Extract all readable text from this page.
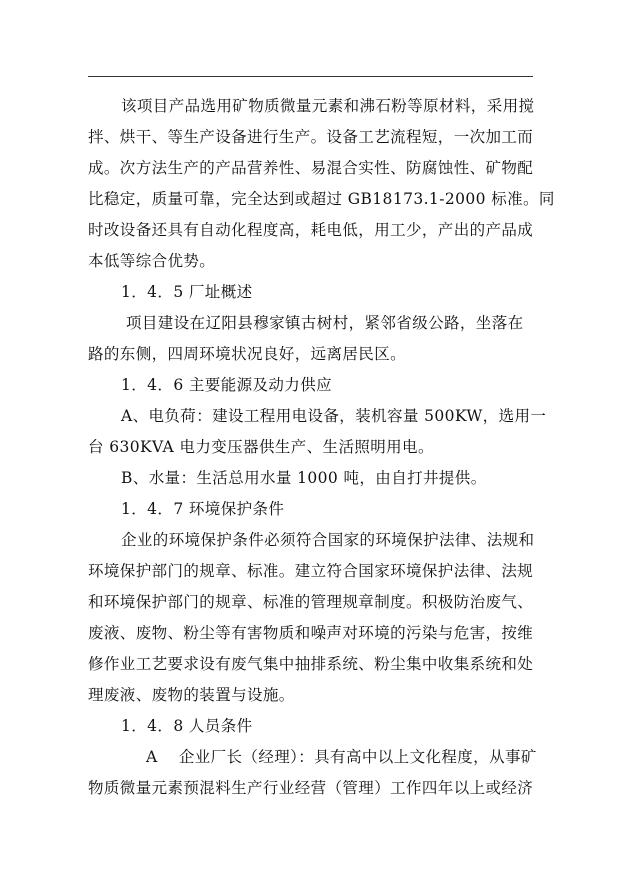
该项目产品选用矿物质微量元素和沸石粉等原材料，采用搅
拌、烘干、等生产设备进行生产。设备工艺流程短，一次加工而
成。次方法生产的产品营养性、易混合实性、防腐蚀性、矿物配
比稳定，质量可靠，完全达到或超过 GB18173.1-2000 标准。同
时改设备还具有自动化程度高，耗电低，用工少，产出的产品成
本低等综合优势。
1．4．5 厂址概述
项目建设在辽阳县穆家镇古树村，紧邻省级公路，坐落在
路的东侧，四周环境状况良好，远离居民区。
1．4．6 主要能源及动力供应
A、电负荷：建设工程用电设备，装机容量 500KW，选用一
台 630KVA 电力变压器供生产、生活照明用电。
B、水量：生活总用水量 1000 吨，由自打井提供。
1．4．7 环境保护条件
企业的环境保护条件必须符合国家的环境保护法律、法规和
环境保护部门的规章、标准。建立符合国家环境保护法律、法规
和环境保护部门的规章、标准的管理规章制度。积极防治废气、
废液、废物、粉尘等有害物质和噪声对环境的污染与危害，按维
修作业工艺要求设有废气集中抽排系统、粉尘集中收集系统和处
理废液、废物的装置与设施。
1．4．8 人员条件
A　 企业厂长（经理）：具有高中以上文化程度，从事矿
物质微量元素预混料生产行业经营（管理）工作四年以上或经济
